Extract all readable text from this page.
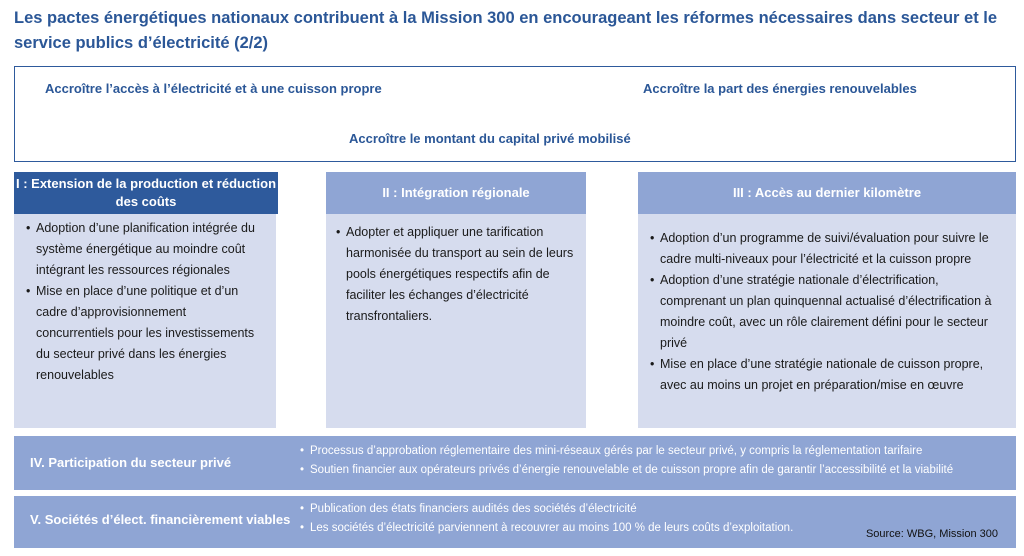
Les pactes énergétiques nationaux contribuent à la Mission 300 en encourageant les réformes nécessaires dans secteur et le service publics d’électricité (2/2)
Accroître l’accès à l’électricité et à une cuisson propre	Accroître la part des énergies renouvelables
Accroître le montant du capital privé mobilisé
I : Extension de la production et réduction des coûts
• Adoption d’une planification intégrée du système énergétique au moindre coût intégrant les ressources régionales
• Mise en place d’une politique et d’un cadre d’approvisionnement concurrentiels pour les investissements du secteur privé dans les énergies renouvelables
II : Intégration régionale
• Adopter et appliquer une tarification harmonisée du transport au sein de leurs pools énergétiques respectifs afin de faciliter les échanges d’électricité transfrontaliers.
III : Accès au dernier kilomètre
• Adoption d’un programme de suivi/évaluation pour suivre le cadre multi-niveaux pour l’électricité et la cuisson propre
• Adoption d’une stratégie nationale d’électrification, comprenant un plan quinquennal actualisé d’électrification à moindre coût, avec un rôle clairement défini pour le secteur privé
• Mise en place d’une stratégie nationale de cuisson propre, avec au moins un projet en préparation/mise en œuvre
IV. Participation du secteur privé
• Processus d’approbation réglementaire des mini-réseaux gérés par le secteur privé, y compris la réglementation tarifaire
• Soutien financier aux opérateurs privés d’énergie renouvelable et de cuisson propre afin de garantir l’accessibilité et la viabilité
V. Sociétés d’élect. financièrement viables
• Publication des états financiers audités des sociétés d’électricité
• Les sociétés d’électricité parviennent à recouvrer au moins 100 % de leurs coûts d’exploitation.	Source: WBG, Mission 300
